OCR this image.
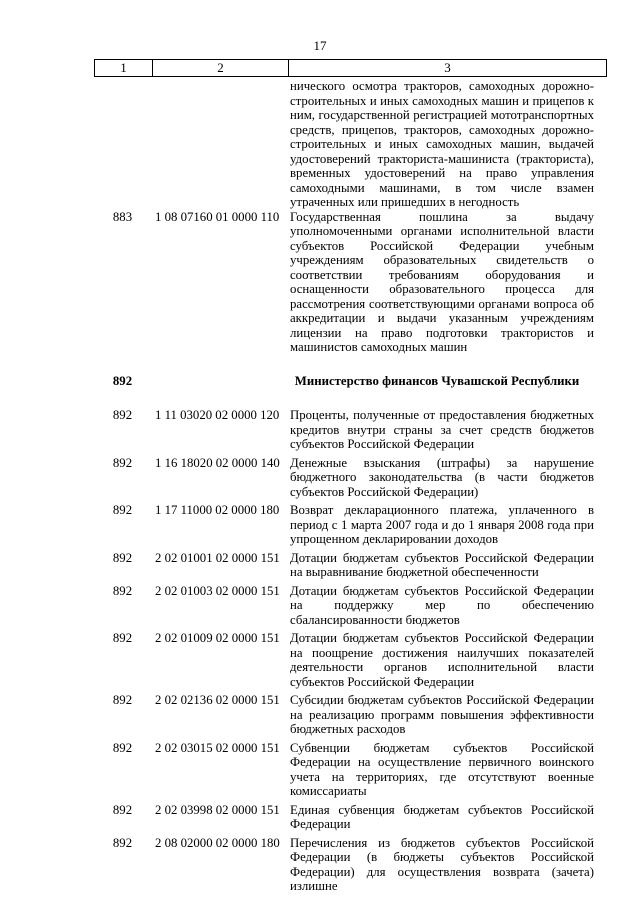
17
1	2	3
нического осмотра тракторов, самоходных дорожно-строительных и иных самоходных машин и прицепов к ним, государственной регистрацией мототранспортных средств, прицепов, тракторов, самоходных дорожно-строительных и иных самоходных машин, выдачей удостоверений тракториста-машиниста (тракториста), временных удостоверений на право управления самоходными машинами, в том числе взамен утраченных или пришедших в негодность
883	1 08 07160 01 0000 110 Государственная пошлина за выдачу уполномоченными органами исполнительной власти субъектов Российской Федерации учебным учреждениям образовательных свидетельств о соответствии требованиям оборудования и оснащенности образовательного процесса для рассмотрения соответствующими органами вопроса об аккредитации и выдачи указанным учреждениям лицензии на право подготовки трактористов и машинистов самоходных машин
892	Министерство финансов Чувашской Республики
892	1 11 03020 02 0000 120 Проценты, полученные от предоставления бюджетных кредитов внутри страны за счет средств бюджетов субъектов Российской Федерации
892	1 16 18020 02 0000 140 Денежные взыскания (штрафы) за нарушение бюджетного законодательства (в части бюджетов субъектов Российской Федерации)
892	1 17 11000 02 0000 180 Возврат декларационного платежа, уплаченного в период с 1 марта 2007 года и до 1 января 2008 года при упрощенном декларировании доходов
892	2 02 01001 02 0000 151 Дотации бюджетам субъектов Российской Федерации на выравнивание бюджетной обеспеченности
892	2 02 01003 02 0000 151 Дотации бюджетам субъектов Российской Федерации на поддержку мер по обеспечению сбалансированности бюджетов
892	2 02 01009 02 0000 151 Дотации бюджетам субъектов Российской Федерации на поощрение достижения наилучших показателей деятельности органов исполнительной власти субъектов Российской Федерации
892	2 02 02136 02 0000 151 Субсидии бюджетам субъектов Российской Федерации на реализацию программ повышения эффективности бюджетных расходов
892	2 02 03015 02 0000 151 Субвенции бюджетам субъектов Российской Федерации на осуществление первичного воинского учета на территориях, где отсутствуют военные комиссариаты
892	2 02 03998 02 0000 151 Единая субвенция бюджетам субъектов Российской Федерации
892	2 08 02000 02 0000 180 Перечисления из бюджетов субъектов Российской Федерации (в бюджеты субъектов Российской Федерации) для осуществления возврата (зачета) излишне
